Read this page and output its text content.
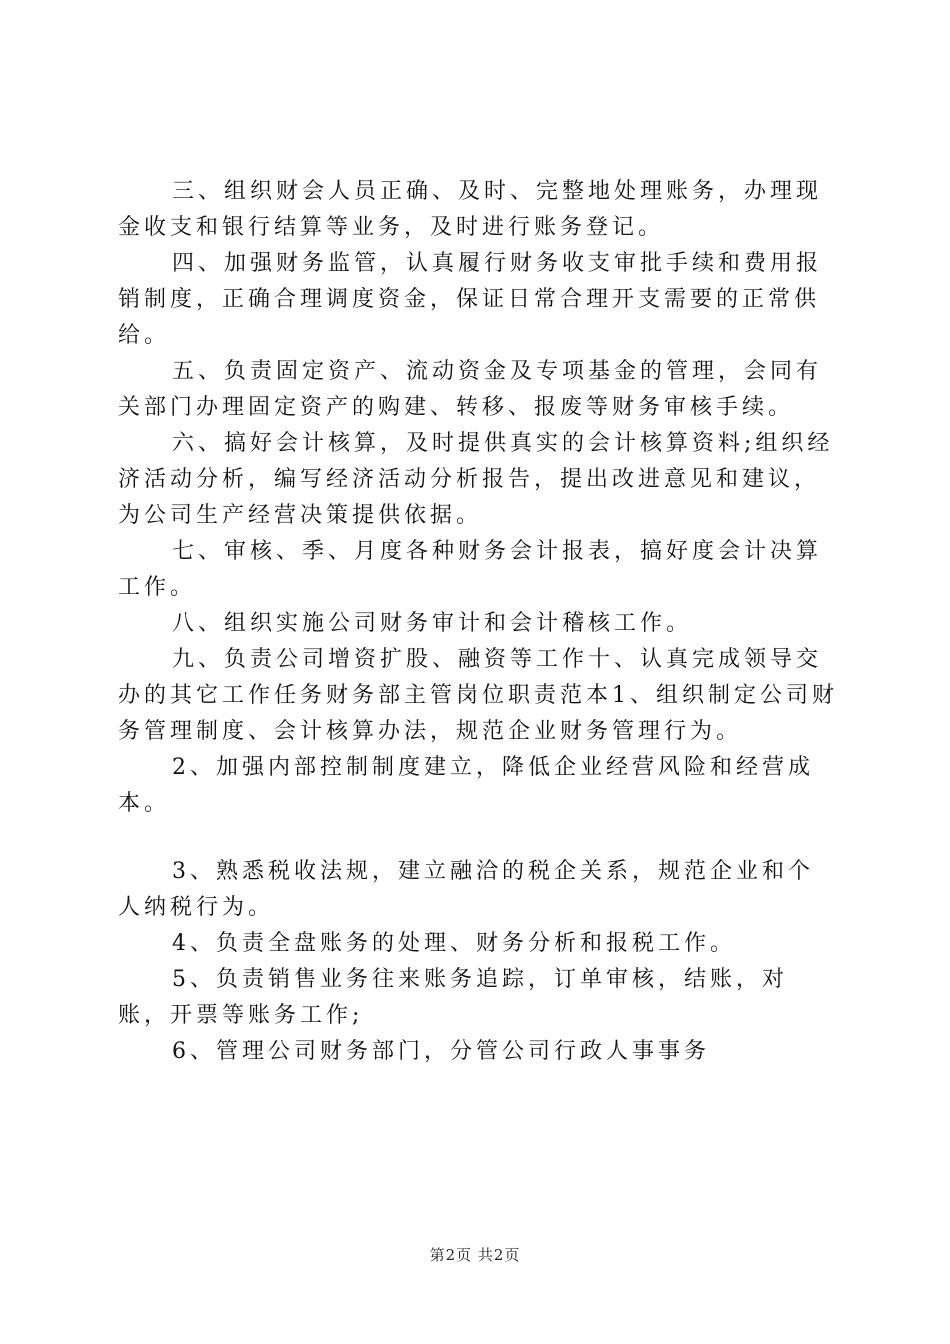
三、组织财会人员正确、及时、完整地处理账务，办理现金收支和银行结算等业务，及时进行账务登记。

四、加强财务监管，认真履行财务收支审批手续和费用报销制度，正确合理调度资金，保证日常合理开支需要的正常供给。

五、负责固定资产、流动资金及专项基金的管理，会同有关部门办理固定资产的购建、转移、报废等财务审核手续。

六、搞好会计核算，及时提供真实的会计核算资料;组织经济活动分析，编写经济活动分析报告，提出改进意见和建议，为公司生产经营决策提供依据。

七、审核、季、月度各种财务会计报表，搞好度会计决算工作。

八、组织实施公司财务审计和会计稽核工作。

九、负责公司增资扩股、融资等工作十、认真完成领导交办的其它工作任务财务部主管岗位职责范本1、组织制定公司财务管理制度、会计核算办法，规范企业财务管理行为。

2、加强内部控制制度建立，降低企业经营风险和经营成本。

3、熟悉税收法规，建立融洽的税企关系，规范企业和个人纳税行为。

4、负责全盘账务的处理、财务分析和报税工作。

5、负责销售业务往来账务追踪，订单审核，结账，对账，开票等账务工作;

6、管理公司财务部门，分管公司行政人事事务

第2页 共2页
